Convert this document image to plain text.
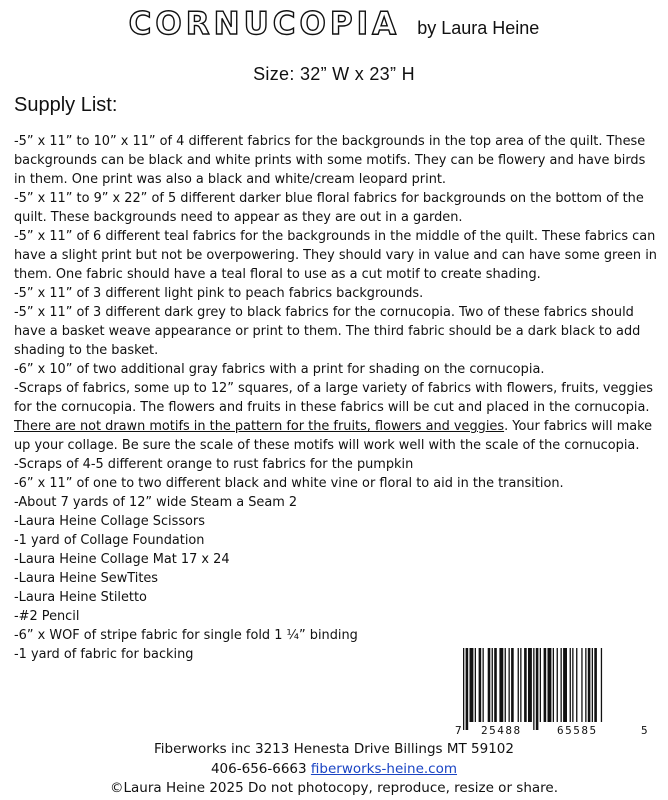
CORNUCOPIA by Laura Heine
Size: 32” W x 23” H
Supply List:

-5” x 11” to 10” x 11” of 4 different fabrics for the backgrounds in the top area of the quilt. These backgrounds can be black and white prints with some motifs. They can be flowery and have birds in them. One print was also a black and white/cream leopard print.

-5” x 11” to 9” x 22” of 5 different darker blue floral fabrics for backgrounds on the bottom of the quilt. These backgrounds need to appear as they are out in a garden.

-5” x 11” of 6 different teal fabrics for the backgrounds in the middle of the quilt. These fabrics can have a slight print but not be overpowering. They should vary in value and can have some green in them. One fabric should have a teal floral to use as a cut motif to create shading.

-5” x 11” of 3 different light pink to peach fabrics backgrounds.

-5” x 11” of 3 different dark grey to black fabrics for the cornucopia. Two of these fabrics should have a basket weave appearance or print to them. The third fabric should be a dark black to add shading to the basket.

-6” x 10” of two additional gray fabrics with a print for shading on the cornucopia.

-Scraps of fabrics, some up to 12” squares, of a large variety of fabrics with flowers, fruits, veggies for the cornucopia. The flowers and fruits in these fabrics will be cut and placed in the cornucopia. There are not drawn motifs in the pattern for the fruits, flowers and veggies. Your fabrics will make up your collage. Be sure the scale of these motifs will work well with the scale of the cornucopia.

-Scraps of 4-5 different orange to rust fabrics for the pumpkin

-6” x 11” of one to two different black and white vine or floral to aid in the transition.

-About 7 yards of 12” wide Steam a Seam 2

-Laura Heine Collage Scissors

-1 yard of Collage Foundation

-Laura Heine Collage Mat 17 x 24

-Laura Heine SewTites

-Laura Heine Stiletto

-#2 Pencil

-6” x WOF of stripe fabric for single fold 1 ¼” binding

-1 yard of fabric for backing

7 25488	65585	5
Fiberworks inc 3213 Henesta Drive Billings MT 59102
406-656-6663 fiberworks-heine.com
©Laura Heine 2025 Do not photocopy, reproduce, resize or share.
